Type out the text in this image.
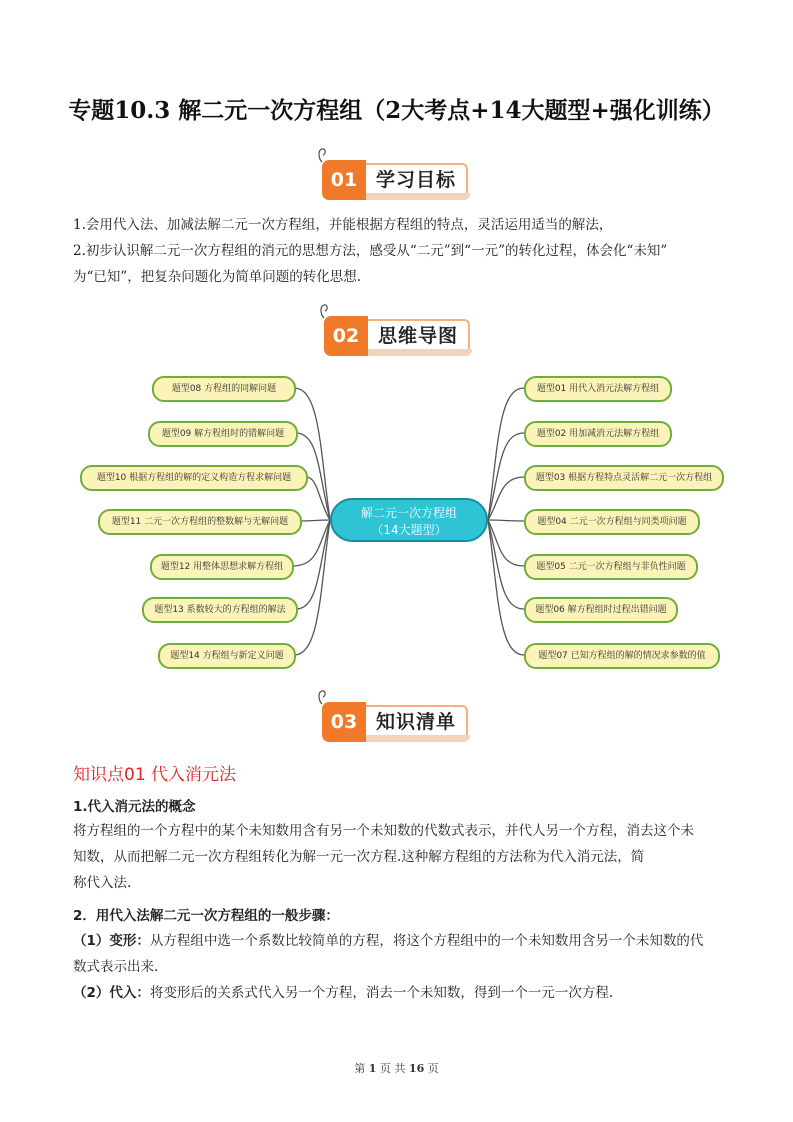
专题10.3 解二元一次方程组（2大考点+14大题型+强化训练）
01 学习目标
1.会用代入法、加减法解二元一次方程组，并能根据方程组的特点，灵活运用适当的解法，
2.初步认识解二元一次方程组的消元的思想方法，感受从“二元”到“一元”的转化过程，体会化“未知”
为“已知”，把复杂问题化为简单问题的转化思想.
02 思维导图
解二元一次方程组
（14大题型）
题型08 方程组的同解问题
题型09 解方程组时的错解问题
题型10 根据方程组的解的定义构造方程求解问题
题型11 二元一次方程组的整数解与无解问题
题型12 用整体思想求解方程组
题型13 系数较大的方程组的解法
题型14 方程组与新定义问题
题型01 用代入消元法解方程组
题型02 用加减消元法解方程组
题型03 根据方程特点灵活解二元一次方程组
题型04 二元一次方程组与同类项问题
题型05 二元一次方程组与非负性问题
题型06 解方程组时过程出错问题
题型07 已知方程组的解的情况求参数的值
03 知识清单
知识点01 代入消元法
1.代入消元法的概念
将方程组的一个方程中的某个未知数用含有另一个未知数的代数式表示，并代人另一个方程，消去这个未
知数，从而把解二元一次方程组转化为解一元一次方程.这种解方程组的方法称为代入消元法，简
称代入法.
2．用代入法解二元一次方程组的一般步骤：
（1）变形：从方程组中选一个系数比较简单的方程，将这个方程组中的一个未知数用含另一个未知数的代
数式表示出来.
（2）代入：将变形后的关系式代入另一个方程，消去一个未知数，得到一个一元一次方程.
第 1 页 共 16 页
